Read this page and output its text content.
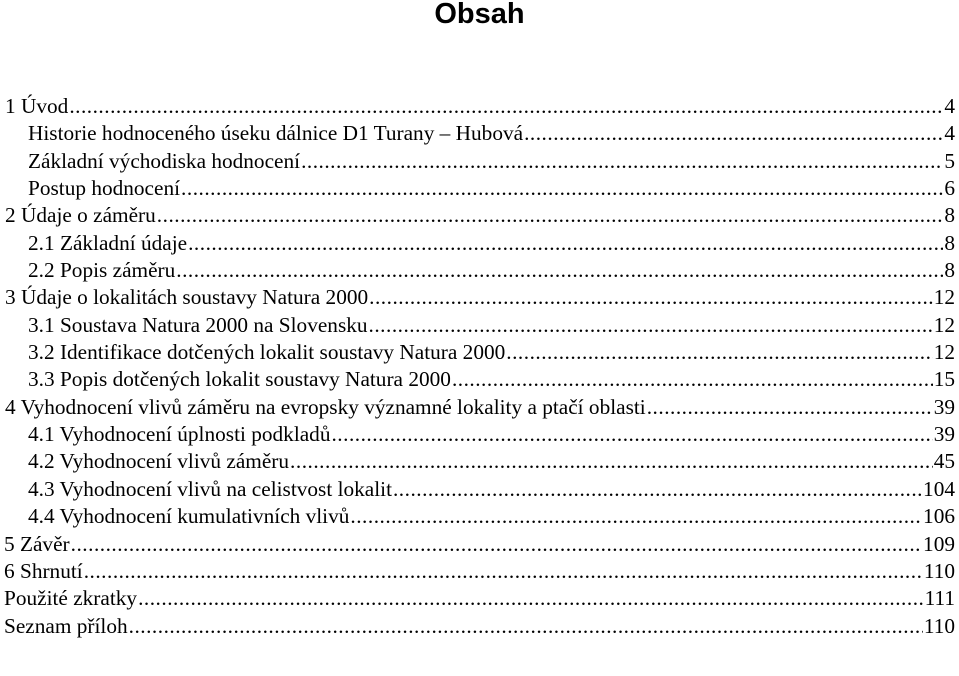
Obsah
1 Úvod .....	4
Historie hodnoceného úseku dálnice D1 Turany – Hubová .....	4
Základní východiska hodnocení .....	5
Postup hodnocení .....	6
2 Údaje o záměru .....	8
2.1 Základní údaje .....	8
2.2 Popis záměru .....	8
3 Údaje o lokalitách soustavy Natura 2000 .....	12
3.1 Soustava Natura 2000 na Slovensku .....	12
3.2 Identifikace dotčených lokalit soustavy Natura 2000 .....	12
3.3 Popis dotčených lokalit soustavy Natura 2000 .....	15
4 Vyhodnocení vlivů záměru na evropsky významné lokality a ptačí oblasti .....	39
4.1 Vyhodnocení úplnosti podkladů .....	39
4.2 Vyhodnocení vlivů záměru .....	45
4.3 Vyhodnocení vlivů na celistvost lokalit .....	104
4.4 Vyhodnocení kumulativních vlivů .....	106
5 Závěr .....	109
6 Shrnutí .....	110
Použité zkratky .....	111
Seznam příloh .....	110
